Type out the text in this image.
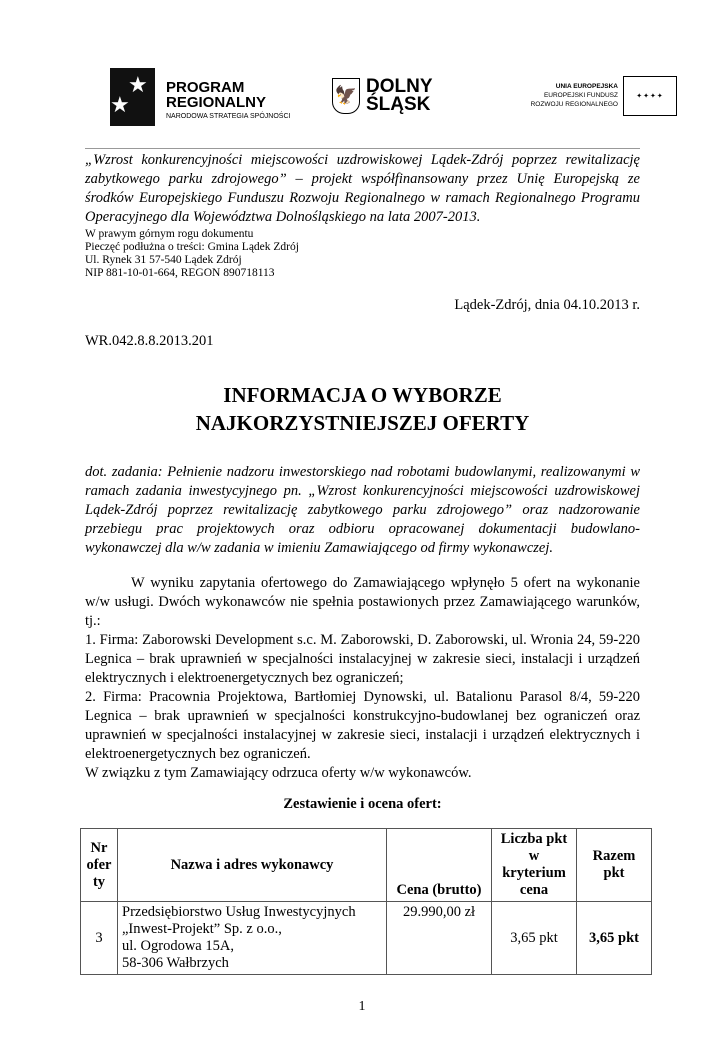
★
★
PROGRAM
REGIONALNY
NARODOWA STRATEGIA SPÓJNOŚCI
🦅 DOLNY
ŚLĄSK
UNIA EUROPEJSKA
EUROPEJSKI FUNDUSZ
ROZWOJU REGIONALNEGO
✦✦✦✦
„Wzrost konkurencyjności miejscowości uzdrowiskowej Lądek-Zdrój poprzez rewitalizację zabytkowego parku zdrojowego” – projekt współfinansowany przez Unię Europejską ze środków Europejskiego Funduszu Rozwoju Regionalnego w ramach Regionalnego Programu Operacyjnego dla Województwa Dolnośląskiego na lata 2007-2013.
W prawym górnym rogu dokumentu
Pieczęć podłużna o treści: Gmina Lądek Zdrój
Ul. Rynek 31 57-540 Lądek Zdrój
NIP 881-10-01-664, REGON 890718113
Lądek-Zdrój, dnia 04.10.2013 r.
WR.042.8.8.2013.201
INFORMACJA O WYBORZE
NAJKORZYSTNIEJSZEJ OFERTY
dot. zadania: Pełnienie nadzoru inwestorskiego nad robotami budowlanymi, realizowanymi w ramach zadania inwestycyjnego pn. „Wzrost konkurencyjności miejscowości uzdrowiskowej Lądek-Zdrój poprzez rewitalizację zabytkowego parku zdrojowego” oraz nadzorowanie przebiegu prac projektowych oraz odbioru opracowanej dokumentacji budowlano-wykonawczej dla w/w zadania w imieniu Zamawiającego od firmy wykonawczej.
W wyniku zapytania ofertowego do Zamawiającego wpłynęło 5 ofert na wykonanie w/w usługi. Dwóch wykonawców nie spełnia postawionych przez Zamawiającego warunków, tj.:
1. Firma: Zaborowski Development s.c. M. Zaborowski, D. Zaborowski, ul. Wronia 24, 59-220 Legnica – brak uprawnień w specjalności instalacyjnej w zakresie sieci, instalacji i urządzeń elektrycznych i elektroenergetycznych bez ograniczeń;
2. Firma: Pracownia Projektowa, Bartłomiej Dynowski, ul. Batalionu Parasol 8/4, 59-220 Legnica – brak uprawnień w specjalności konstrukcyjno-budowlanej bez ograniczeń oraz uprawnień w specjalności instalacyjnej w zakresie sieci, instalacji i urządzeń elektrycznych i elektroenergetycznych bez ograniczeń.
W związku z tym Zamawiający odrzuca oferty w/w wykonawców.
Zestawienie i ocena ofert:
Nr ofer ty	Nazwa i adres wykonawcy	Cena (brutto)	Liczba pkt w kryterium cena	Razem pkt
3	Przedsiębiorstwo Usług Inwestycyjnych
„Inwest-Projekt” Sp. z o.o.,
ul. Ogrodowa 15A,
58-306 Wałbrzych	29.990,00 zł	3,65 pkt	3,65 pkt
1
